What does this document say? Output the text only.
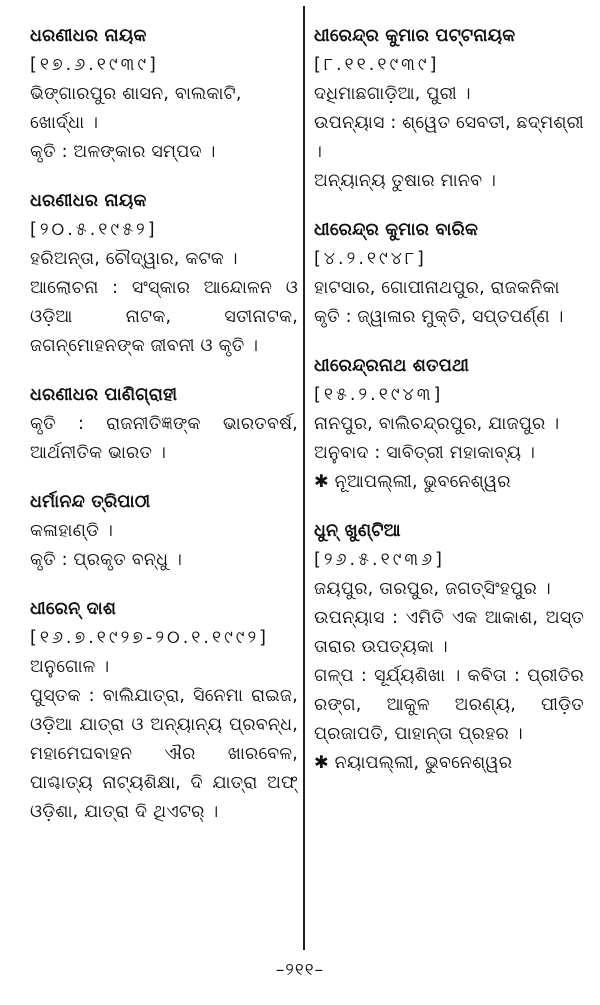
ଧରଣୀଧର ନାୟକ
[୧୭.୬.୧୯୩୯]
ଭିଙ୍ଗାରପୁର ଶାସନ, ବାଲକାଟି, ଖୋର୍ଦ୍ଧା ।
କୃତି : ଅଳଙ୍କାର ସମ୍ପଦ ।
ଧରଣୀଧର ନାୟକ
[୨୦.୫.୧୯୫୨]
ହରିଅନ୍ତା, ଚୌଦ୍ୱାର, କଟକ ।
ଆଲୋଚନା : ସଂସ୍କାର ଆନ୍ଦୋଳନ ଓ ଓଡ଼ିଆ ନାଟକ, ସତୀନାଟକ, ଜଗନ୍ମୋହନଙ୍କ ଜୀବନୀ ଓ କୃତି ।
ଧରଣୀଧର ପାଣିଗ୍ରାହୀ
କୃତି : ରାଜନୀତିଜ୍ଞଙ୍କ ଭାରତବର୍ଷ, ଆର୍ଥନୀତିକ ଭାରତ ।
ଧର୍ମାନନ୍ଦ ତ୍ରିପାଠୀ
କଳାହାଣ୍ଡି ।
କୃତି : ପ୍ରକୃତ ବନ୍ଧୁ ।
ଧୀରେନ୍ ଦାଶ
[୧୬.୭.୧୯୨୭-୨୦.୧.୧୯୯୨]
ଅନୁଗୋଳ ।
ପୁସ୍ତକ : ବାଲିଯାତ୍ରା, ସିନେମା ରାଇଜ, ଓଡ଼ିଆ ଯାତ୍ରା ଓ ଅନ୍ୟାନ୍ୟ ପ୍ରବନ୍ଧ, ମହାମେଘବାହନ ଐର ଖାରବେଳ, ପାଶ୍ଚାତ୍ୟ ନାଟ୍ୟଶିକ୍ଷା, ଦି ଯାତ୍ରା ଅଫ୍ ଓଡ଼ିଶା, ଯାତ୍ରା ଦି ଥିଏଟର୍ ।
ଧୀରେନ୍ଦ୍ର କୁମାର ପଟ୍ଟନାୟକ
[୮.୧୧.୧୯୩୯]
ଦଧିମାଛଗାଡ଼ିଆ, ପୁରୀ ।
ଉପନ୍ୟାସ : ଶ୍ୱେତ ସେବତୀ, ଛଦ୍ମଶ୍ରୀ ।
ଅନ୍ୟାନ୍ୟ ତୁଷାର ମାନବ ।
ଧୀରେନ୍ଦ୍ର କୁମାର ବାରିକ
[୪.୨.୧୯୪୮]
ହାଟସାର, ଗୋପୀନାଥପୁର, ରାଜକନିକା
କୃତି : ଜ୍ୱାଳାର ମୁକ୍ତି, ସପ୍ତପର୍ଣ୍ଣ ।
ଧୀରେନ୍ଦ୍ରନାଥ ଶତପଥୀ
[୧୫.୨.୧୯୪୩]
ନାନପୁର, ବାଲିଚନ୍ଦ୍ରପୁର, ଯାଜପୁର ।
ଅନୁବାଦ : ସାବିତ୍ରୀ ମହାକାବ୍ୟ ।
✱ ନୂଆପଲ୍ଲୀ, ଭୁବନେଶ୍ୱର
ଧୁନ୍ ଖୁଣ୍ଟିଆ
[୨୬.୫.୧୯୩୬]
ଜୟପୁର, ତାରପୁର, ଜଗତ୍‌ସିଂହପୁର ।
ଉପନ୍ୟାସ : ଏମିତି ଏକ ଆକାଶ, ଅସ୍ତ ତାରାର ଉପତ୍ୟକା ।
ଗଳ୍ପ : ସୂର୍ଯ୍ୟଶିଖା । କବିତା : ପ୍ରୀତିର ରଙ୍ଗ, ଆକୁଳ ଅରଣ୍ୟ, ପୀଡ଼ିତ ପ୍ରଜାପତି, ପାହାନ୍ତା ପ୍ରହର ।
✱ ନୟାପଲ୍ଲୀ, ଭୁବନେଶ୍ୱର
–୨୧୧–
